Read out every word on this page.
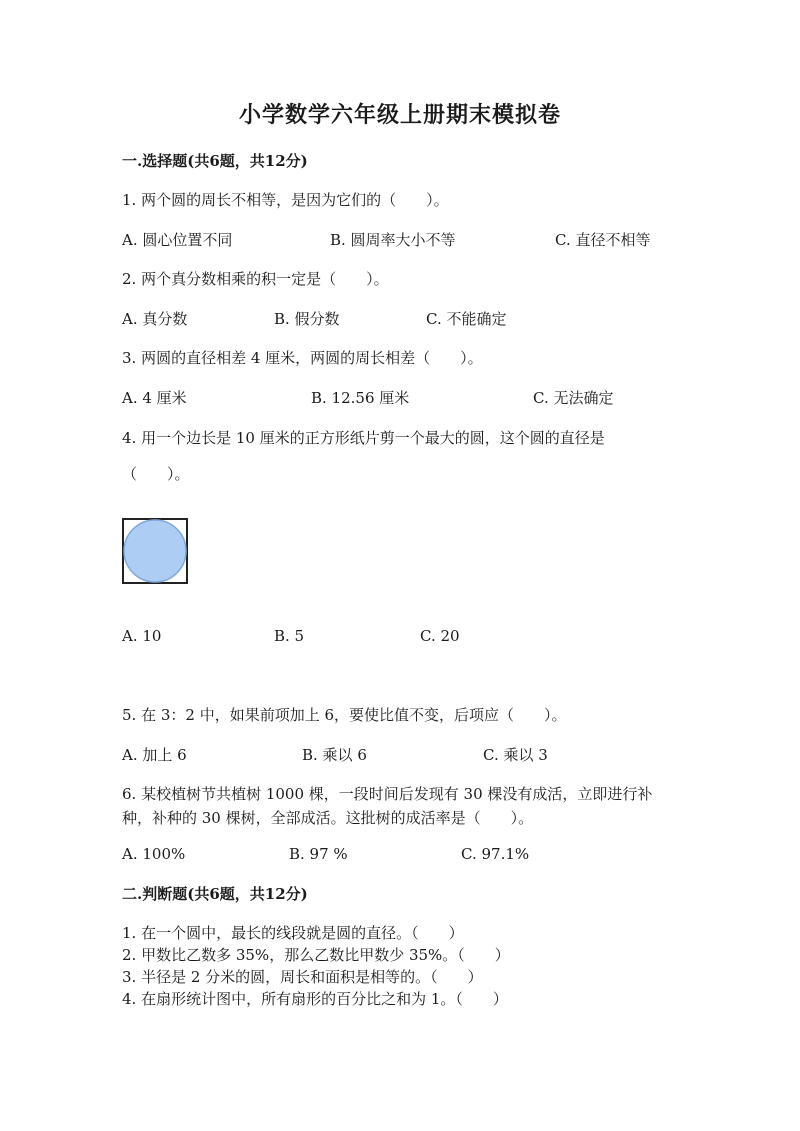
小学数学六年级上册期末模拟卷
一.选择题(共6题，共12分)
1. 两个圆的周长不相等，是因为它们的（　　）。
A. 圆心位置不同	B. 圆周率大小不等	C. 直径不相等
2. 两个真分数相乘的积一定是（　　）。
A. 真分数	B. 假分数	C. 不能确定
3. 两圆的直径相差 4 厘米，两圆的周长相差（　　）。
A. 4 厘米	B. 12.56 厘米	C. 无法确定
4. 用一个边长是 10 厘米的正方形纸片剪一个最大的圆，这个圆的直径是
（　　）。
A. 10	B. 5	C. 20
5. 在 3：2 中，如果前项加上 6，要使比值不变，后项应（　　）。
A. 加上 6	B. 乘以 6	C. 乘以 3
6. 某校植树节共植树 1000 棵，一段时间后发现有 30 棵没有成活，立即进行补种，补种的 30 棵树，全部成活。这批树的成活率是（　　）。
A. 100%	B. 97 %	C. 97.1%
二.判断题(共6题，共12分)
1. 在一个圆中，最长的线段就是圆的直径。（　　）
2. 甲数比乙数多 35%，那么乙数比甲数少 35%。（　　）
3. 半径是 2 分米的圆，周长和面积是相等的。（　　）
4. 在扇形统计图中，所有扇形的百分比之和为 1。（　　）
